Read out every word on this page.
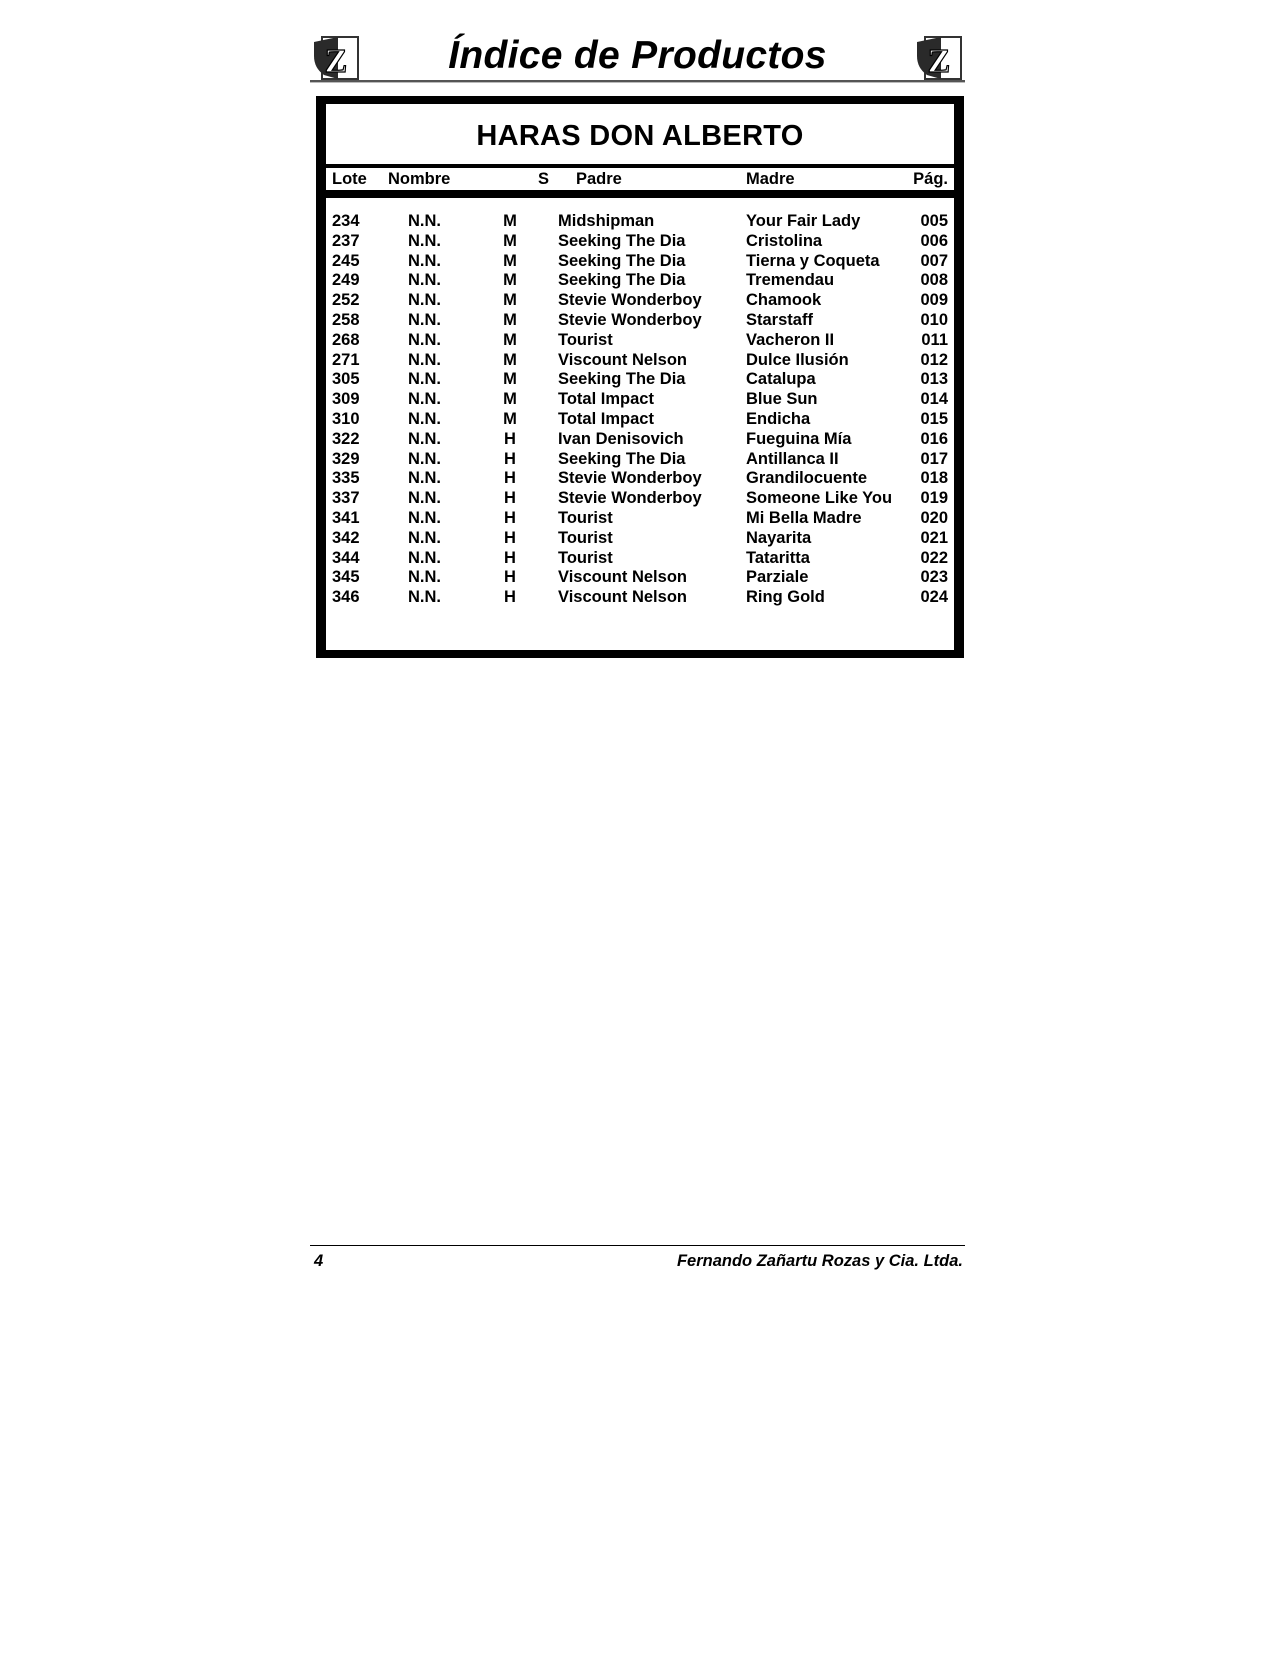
Z	Índice de Productos	Z
HARAS DON ALBERTO
Lote Nombre	S Padre	Madre	Pág.
234	N.N.	M Midshipman	Your Fair Lady	005
237	N.N.	M Seeking The Dia	Cristolina	006
245	N.N.	M Seeking The Dia	Tierna y Coqueta 007
249	N.N.	M Seeking The Dia	Tremendau	008
252	N.N.	M Stevie Wonderboy	Chamook	009
258	N.N.	M Stevie Wonderboy	Starstaff	010
268	N.N.	M Tourist	Vacheron II	011
271	N.N.	M Viscount Nelson	Dulce Ilusión	012
305	N.N.	M Seeking The Dia	Catalupa	013
309	N.N.	M Total Impact	Blue Sun	014
310	N.N.	M Total Impact	Endicha	015
322	N.N.	H	Ivan Denisovich	Fueguina Mía	016
329	N.N.	H	Seeking The Dia	Antillanca II	017
335	N.N.	H	Stevie Wonderboy	Grandilocuente	018
337	N.N.	H	Stevie Wonderboy	Someone Like You 019
341	N.N.	H	Tourist	Mi Bella Madre	020
342	N.N.	H	Tourist	Nayarita	021
344	N.N.	H	Tourist	Tataritta	022
345	N.N.	H	Viscount Nelson	Parziale	023
346	N.N.	H	Viscount Nelson	Ring Gold	024
4	Fernando Zañartu Rozas y Cia. Ltda.
